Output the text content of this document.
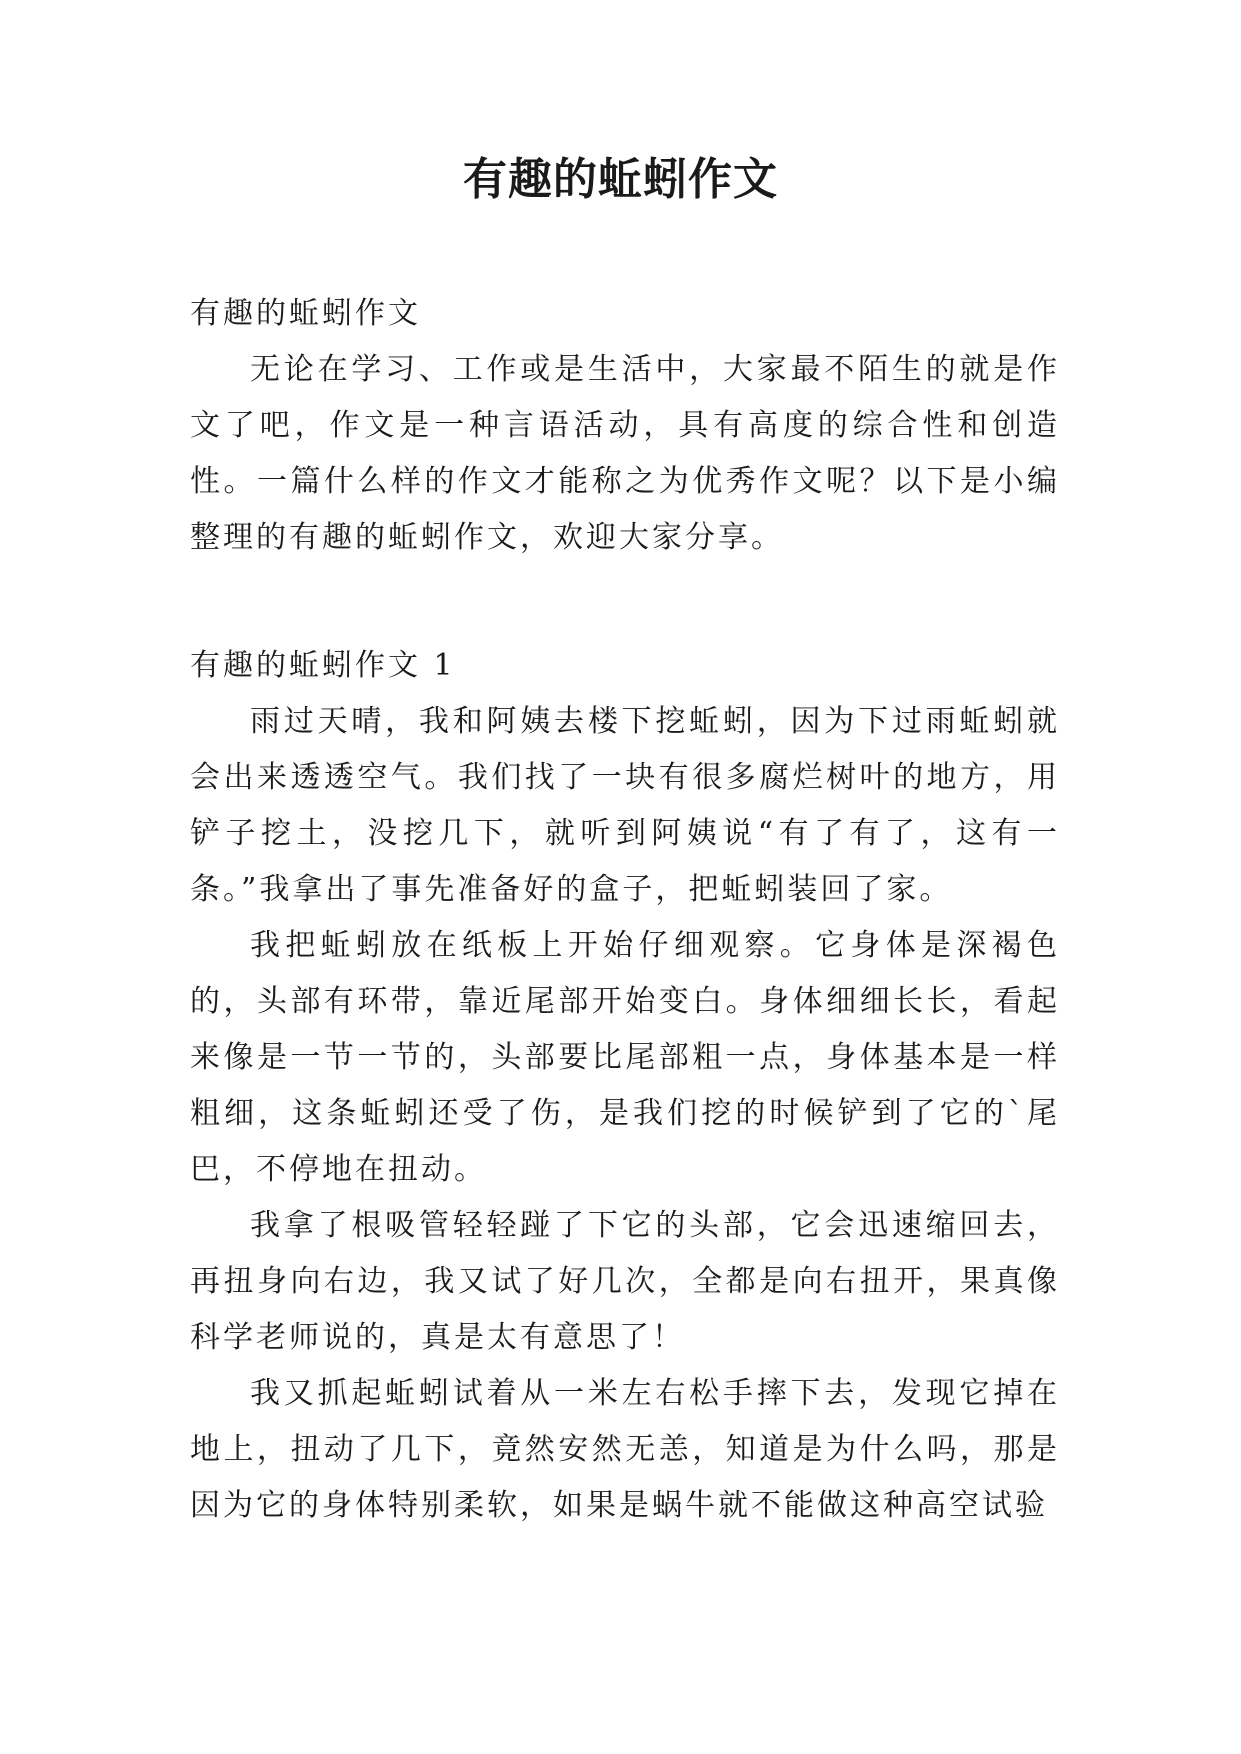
有趣的蚯蚓作文

有趣的蚯蚓作文

无论在学习、工作或是生活中，大家最不陌生的就是作文了吧，作文是一种言语活动，具有高度的综合性和创造性。一篇什么样的作文才能称之为优秀作文呢？以下是小编整理的有趣的蚯蚓作文，欢迎大家分享。

有趣的蚯蚓作文 1

雨过天晴，我和阿姨去楼下挖蚯蚓，因为下过雨蚯蚓就会出来透透空气。我们找了一块有很多腐烂树叶的地方，用铲子挖土，没挖几下，就听到阿姨说“有了有了，这有一条。”我拿出了事先准备好的盒子，把蚯蚓装回了家。

我把蚯蚓放在纸板上开始仔细观察。它身体是深褐色的，头部有环带，靠近尾部开始变白。身体细细长长，看起来像是一节一节的，头部要比尾部粗一点，身体基本是一样粗细，这条蚯蚓还受了伤，是我们挖的时候铲到了它的`尾巴，不停地在扭动。

我拿了根吸管轻轻踫了下它的头部，它会迅速缩回去，再扭身向右边，我又试了好几次，全都是向右扭开，果真像科学老师说的，真是太有意思了！

我又抓起蚯蚓试着从一米左右松手摔下去，发现它掉在地上，扭动了几下，竟然安然无恙，知道是为什么吗，那是因为它的身体特别柔软，如果是蜗牛就不能做这种高空试验
